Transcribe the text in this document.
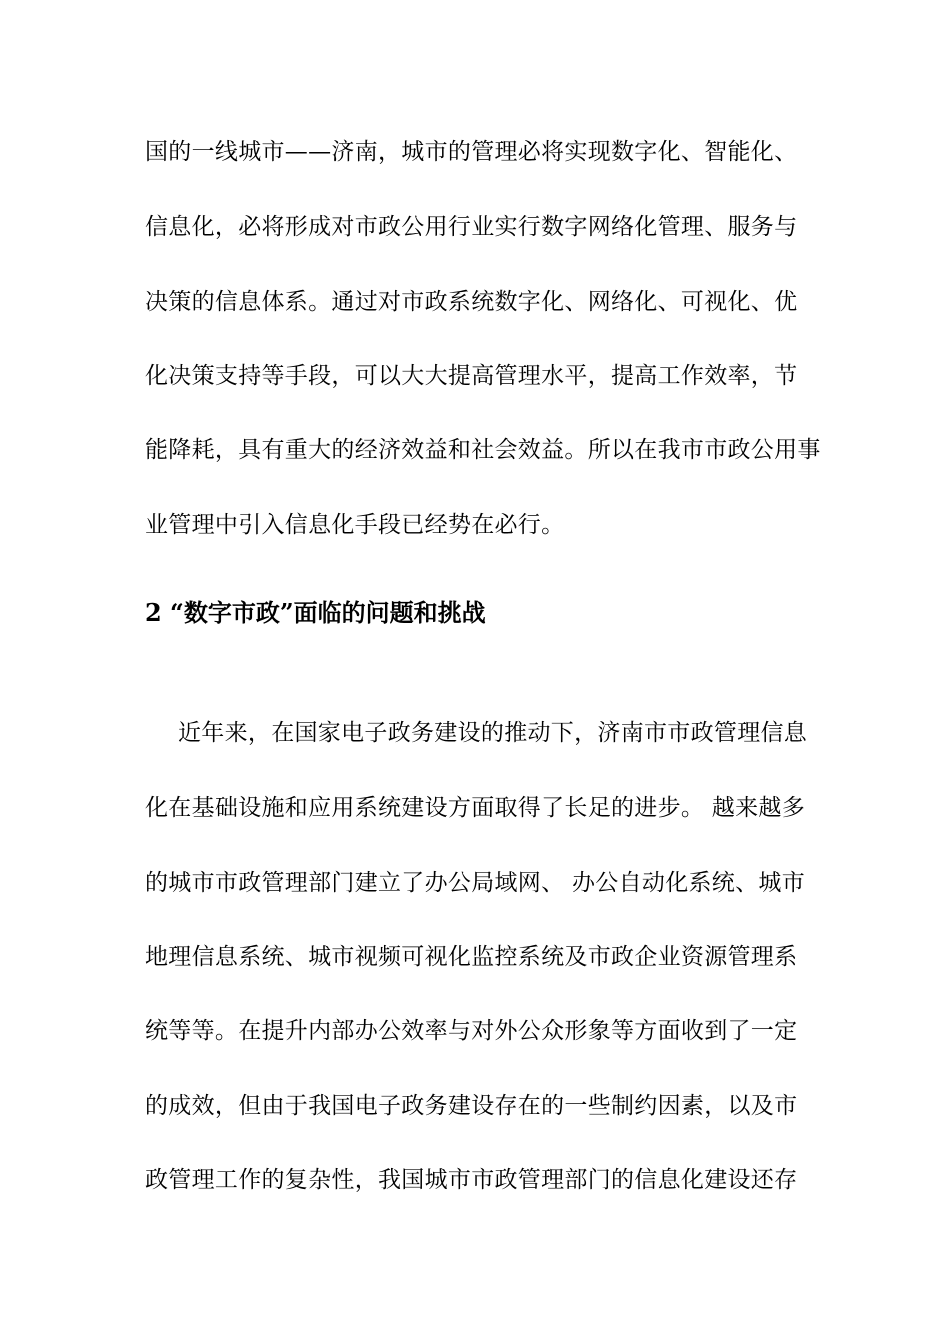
国的一线城市——济南，城市的管理必将实现数字化、智能化、
信息化，必将形成对市政公用行业实行数字网络化管理、服务与
决策的信息体系。通过对市政系统数字化、网络化、可视化、优
化决策支持等手段，可以大大提高管理水平，提高工作效率，节
能降耗，具有重大的经济效益和社会效益。所以在我市市政公用事
业管理中引入信息化手段已经势在必行。
2 “数字市政”面临的问题和挑战
近年来，在国家电子政务建设的推动下，济南市市政管理信息
化在基础设施和应用系统建设方面取得了长足的进步。 越来越多
的城市市政管理部门建立了办公局域网、 办公自动化系统、城市
地理信息系统、城市视频可视化监控系统及市政企业资源管理系
统等等。在提升内部办公效率与对外公众形象等方面收到了一定
的成效，但由于我国电子政务建设存在的一些制约因素，以及市
政管理工作的复杂性，我国城市市政管理部门的信息化建设还存
